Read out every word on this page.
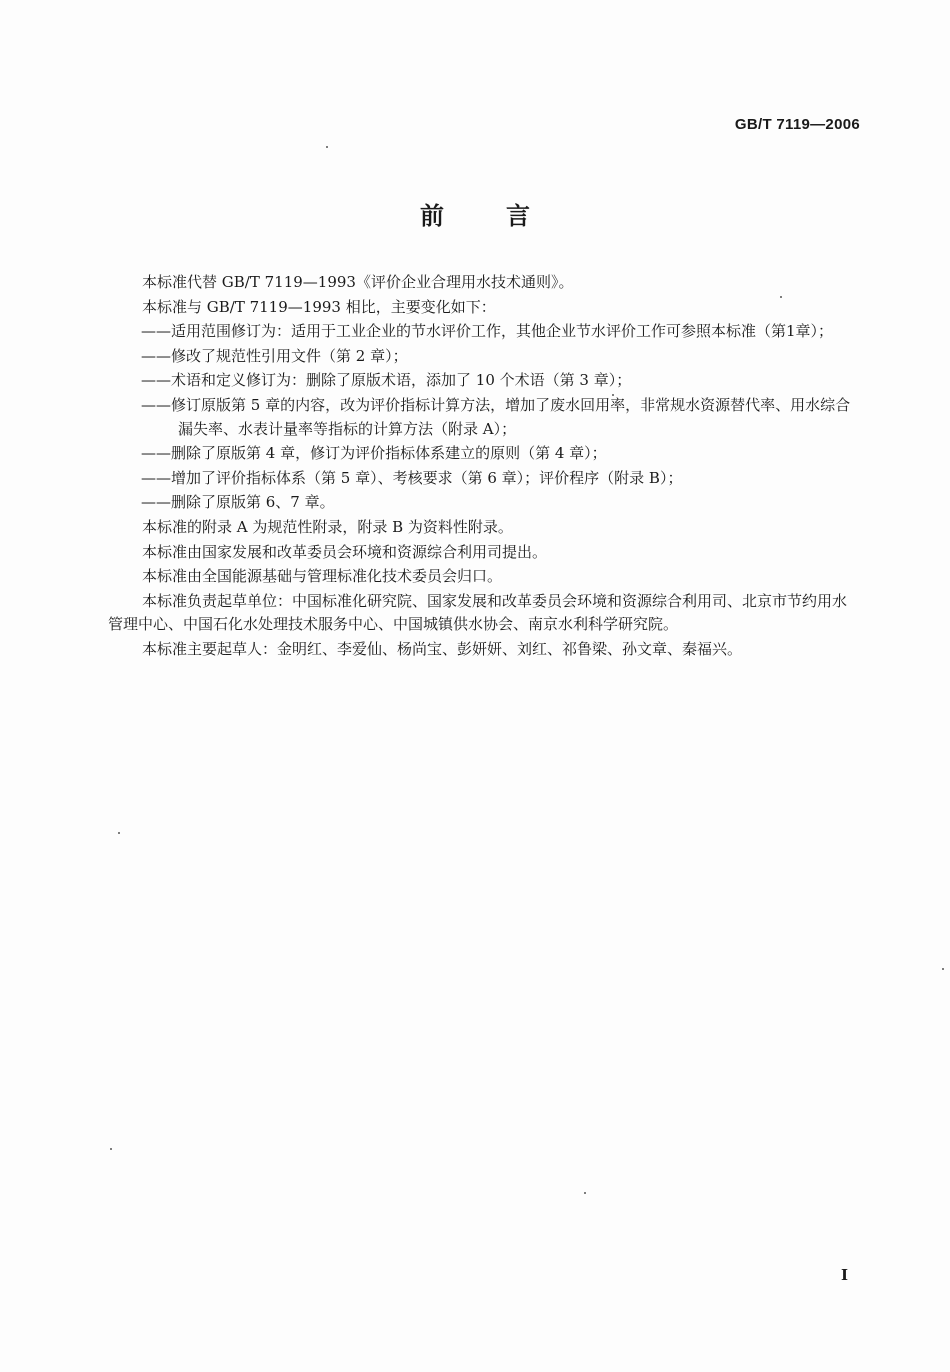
GB/T 7119—2006
前言

本标准代替 GB/T 7119—1993《评价企业合理用水技术通则》。

本标准与 GB/T 7119—1993 相比，主要变化如下：

——适用范围修订为：适用于工业企业的节水评价工作，其他企业节水评价工作可参照本标准（第1章）；

——修改了规范性引用文件（第 2 章）；

——术语和定义修订为：删除了原版术语，添加了 10 个术语（第 3 章）；

——修订原版第 5 章的内容，改为评价指标计算方法，增加了废水回用率，非常规水资源替代率、用水综合漏失率、水表计量率等指标的计算方法（附录 A）；

——删除了原版第 4 章，修订为评价指标体系建立的原则（第 4 章）；

——增加了评价指标体系（第 5 章）、考核要求（第 6 章）；评价程序（附录 B）；

——删除了原版第 6、7 章。

本标准的附录 A 为规范性附录，附录 B 为资料性附录。

本标准由国家发展和改革委员会环境和资源综合利用司提出。

本标准由全国能源基础与管理标准化技术委员会归口。

本标准负责起草单位：中国标准化研究院、国家发展和改革委员会环境和资源综合利用司、北京市节约用水管理中心、中国石化水处理技术服务中心、中国城镇供水协会、南京水利科学研究院。

本标准主要起草人：金明红、李爱仙、杨尚宝、彭妍妍、刘红、祁鲁梁、孙文章、秦福兴。

I
